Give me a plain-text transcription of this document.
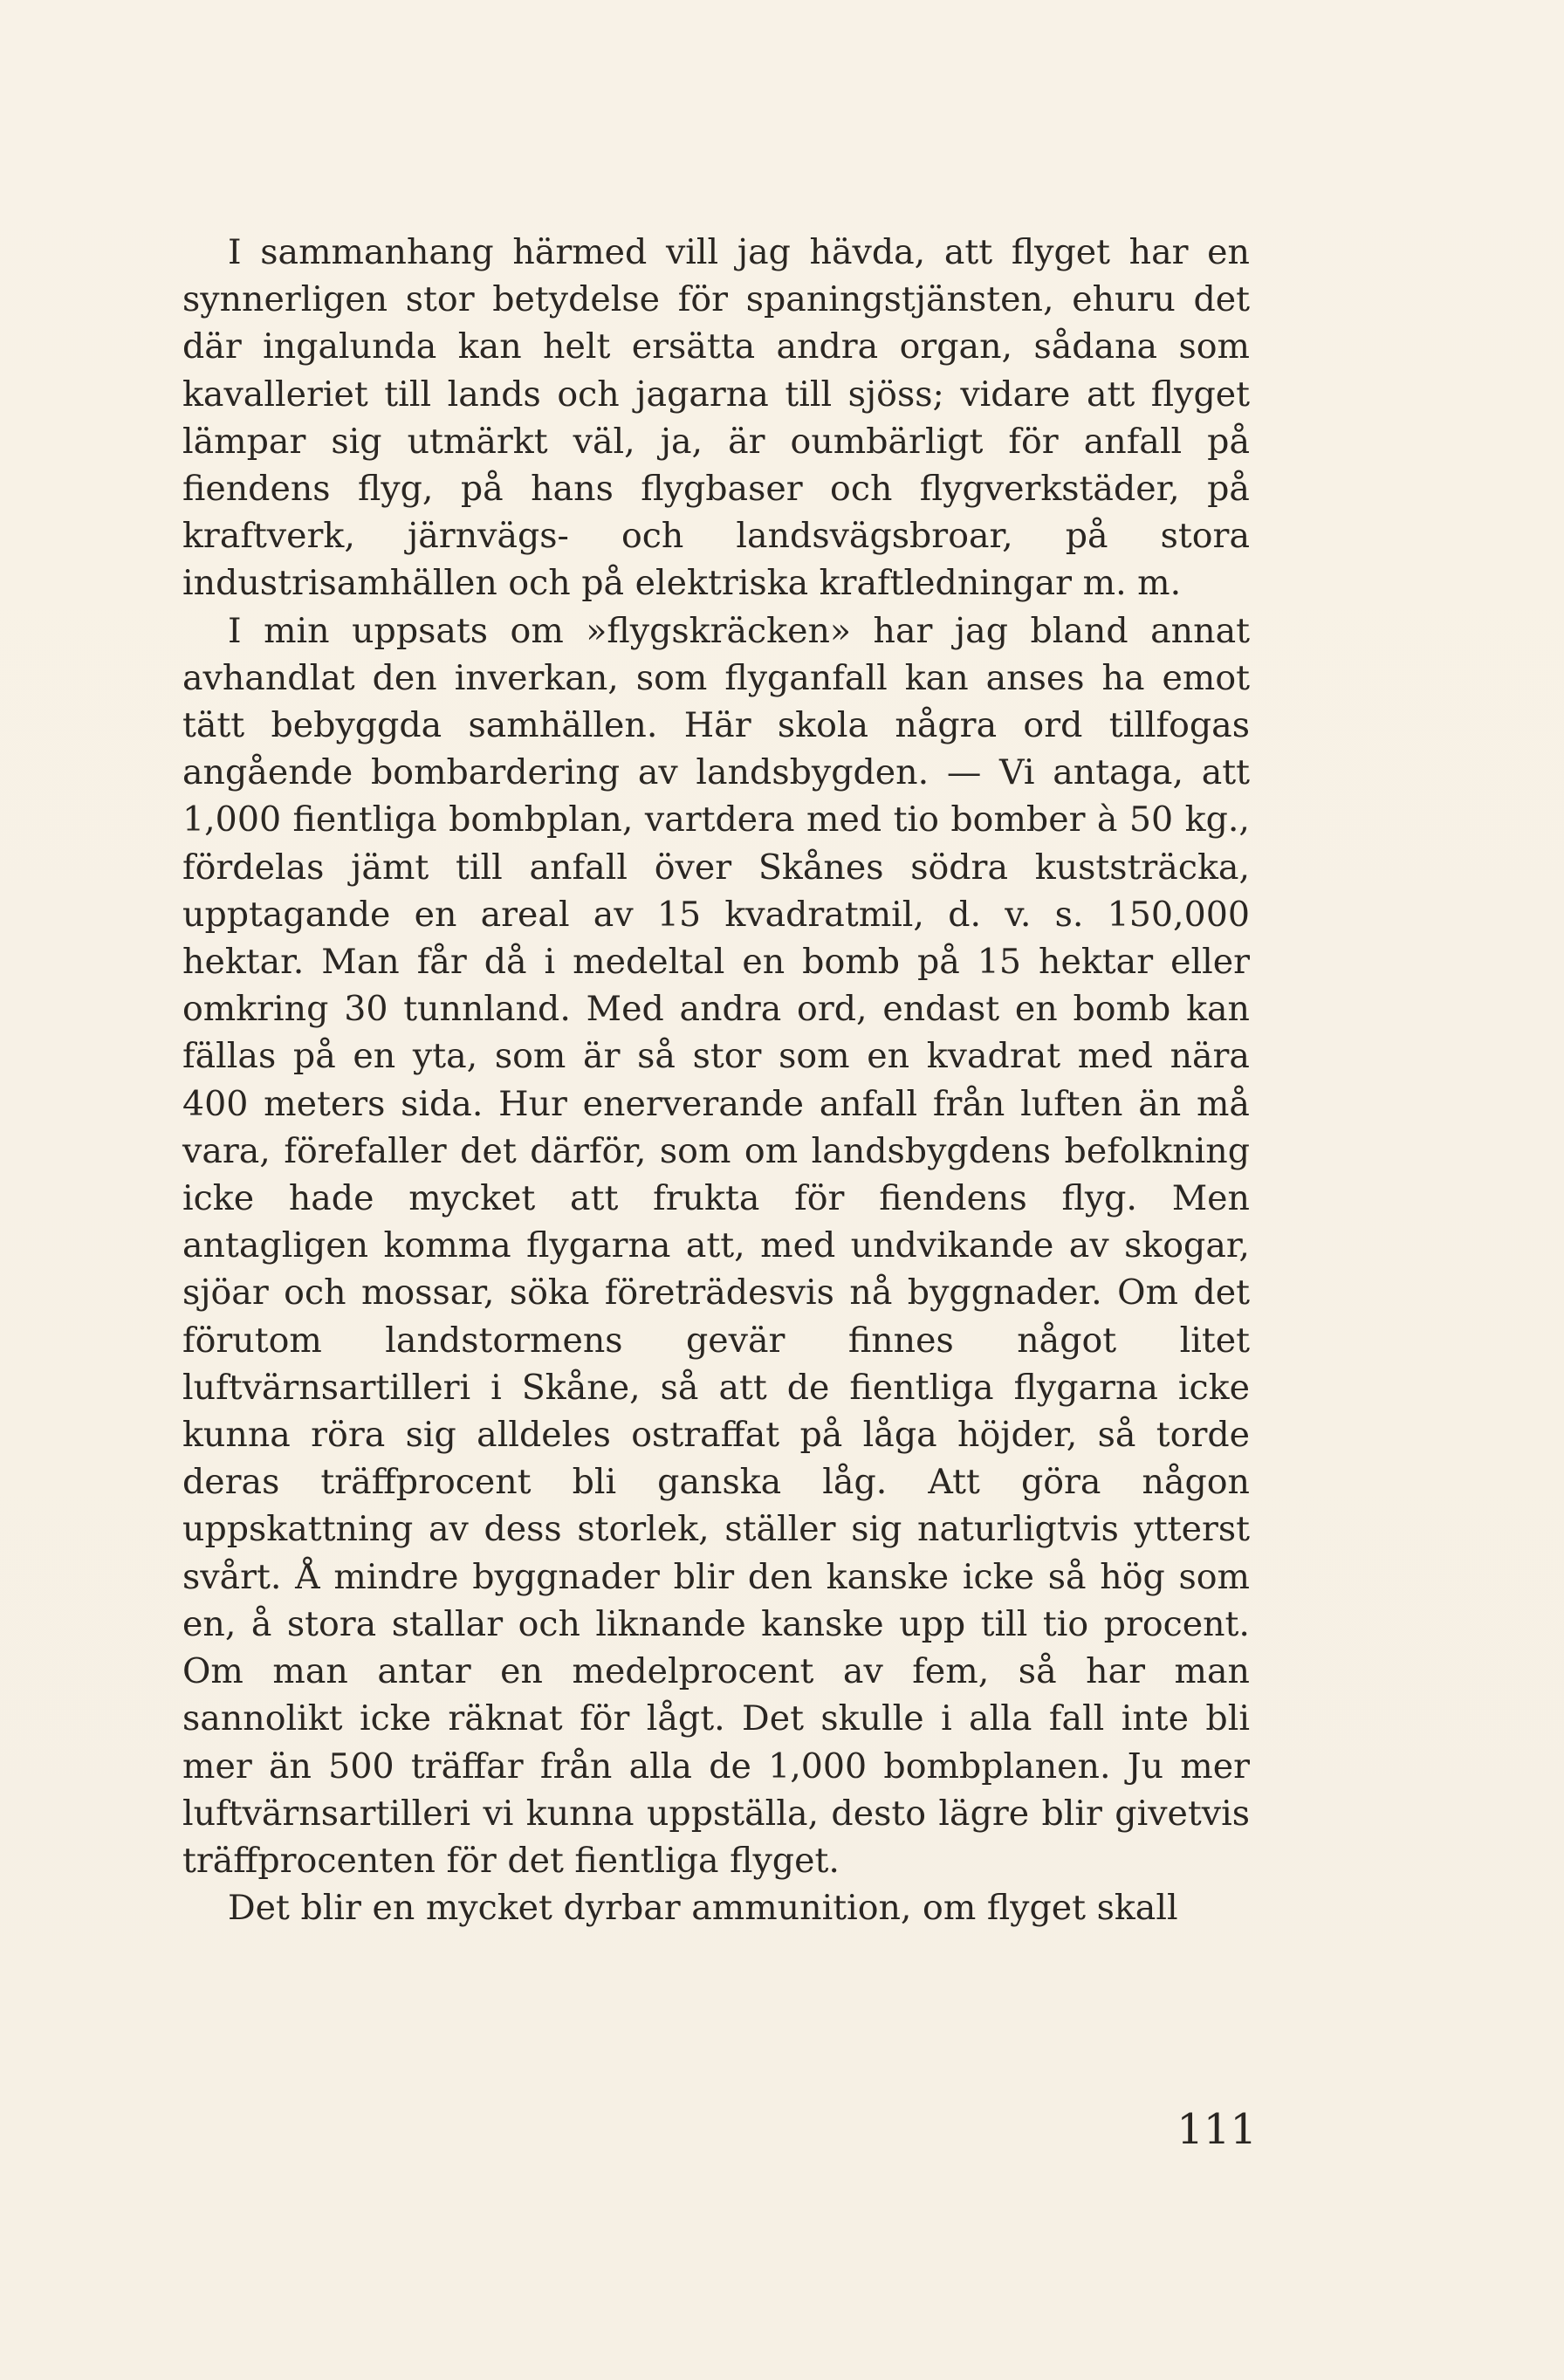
I sammanhang härmed vill jag hävda, att flyget har en synnerligen stor betydelse för spaningstjänsten, ehuru det där ingalunda kan helt ersätta andra organ, sådana som kavalleriet till lands och jagarna till sjöss; vidare att flyget lämpar sig utmärkt väl, ja, är oumbärligt för anfall på fiendens flyg, på hans flygbaser och flygverkstäder, på kraftverk, järnvägs- och landsvägsbroar, på stora industrisamhällen och på elektriska kraftledningar m. m.

I min uppsats om »flygskräcken» har jag bland annat avhandlat den inverkan, som flyganfall kan anses ha emot tätt bebyggda samhällen. Här skola några ord tillfogas angående bombardering av landsbygden. — Vi antaga, att 1,000 fientliga bombplan, vartdera med tio bomber à 50 kg., fördelas jämt till anfall över Skånes södra kuststräcka, upptagande en areal av 15 kvadratmil, d. v. s. 150,000 hektar. Man får då i medeltal en bomb på 15 hektar eller omkring 30 tunnland. Med andra ord, endast en bomb kan fällas på en yta, som är så stor som en kvadrat med nära 400 meters sida. Hur enerverande anfall från luften än må vara, förefaller det därför, som om landsbygdens befolkning icke hade mycket att frukta för fiendens flyg. Men antagligen komma flygarna att, med undvikande av skogar, sjöar och mossar, söka företrädesvis nå byggnader. Om det förutom landstormens gevär finnes något litet luftvärnsartilleri i Skåne, så att de fientliga flygarna icke kunna röra sig alldeles ostraffat på låga höjder, så torde deras träffprocent bli ganska låg. Att göra någon uppskattning av dess storlek, ställer sig naturligtvis ytterst svårt. Å mindre byggnader blir den kanske icke så hög som en, å stora stallar och liknande kanske upp till tio procent. Om man antar en medelprocent av fem, så har man sannolikt icke räknat för lågt. Det skulle i alla fall inte bli mer än 500 träffar från alla de 1,000 bombplanen. Ju mer luftvärnsartilleri vi kunna uppställa, desto lägre blir givetvis träffprocenten för det fientliga flyget.

Det blir en mycket dyrbar ammunition, om flyget skall

111
